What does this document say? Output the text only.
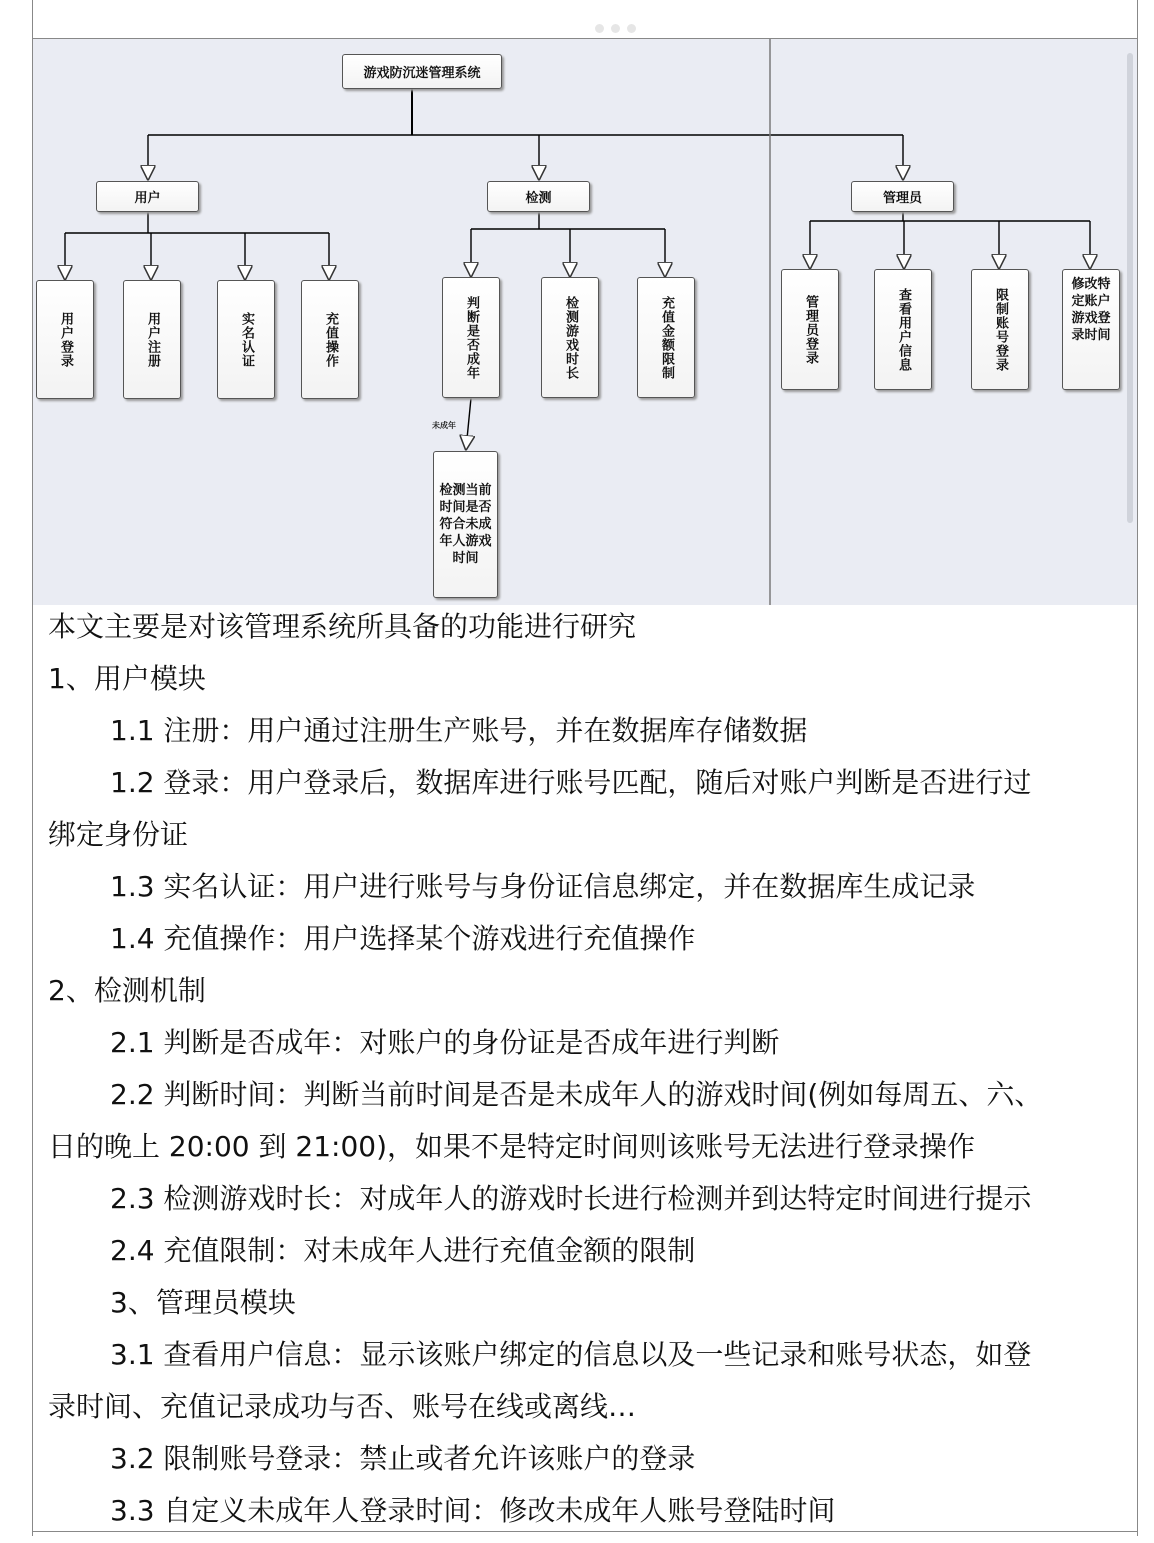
游戏防沉迷管理系统
用户	检测	管理员
用户登录	用户注册	实名认证	充值操作	判断是否成年	检测游戏时长	充值金额限制
未成年
检测当前时间是否符合未成年人游戏时间
管理员登录	查看用户信息	限制账号登录
修改特定账户游戏登录时间
本文主要是对该管理系统所具备的功能进行研究
1、用户模块
1.1 注册：用户通过注册生产账号，并在数据库存储数据
1.2 登录：用户登录后，数据库进行账号匹配，随后对账户判断是否进行过
绑定身份证
1.3 实名认证：用户进行账号与身份证信息绑定，并在数据库生成记录
1.4 充值操作：用户选择某个游戏进行充值操作
2、检测机制
2.1 判断是否成年：对账户的身份证是否成年进行判断
2.2 判断时间：判断当前时间是否是未成年人的游戏时间(例如每周五、六、
日的晚上 20:00 到 21:00)，如果不是特定时间则该账号无法进行登录操作
2.3 检测游戏时长：对成年人的游戏时长进行检测并到达特定时间进行提示
2.4 充值限制：对未成年人进行充值金额的限制
3、管理员模块
3.1 查看用户信息：显示该账户绑定的信息以及一些记录和账号状态，如登
录时间、充值记录成功与否、账号在线或离线…
3.2 限制账号登录：禁止或者允许该账户的登录
3.3 自定义未成年人登录时间：修改未成年人账号登陆时间
